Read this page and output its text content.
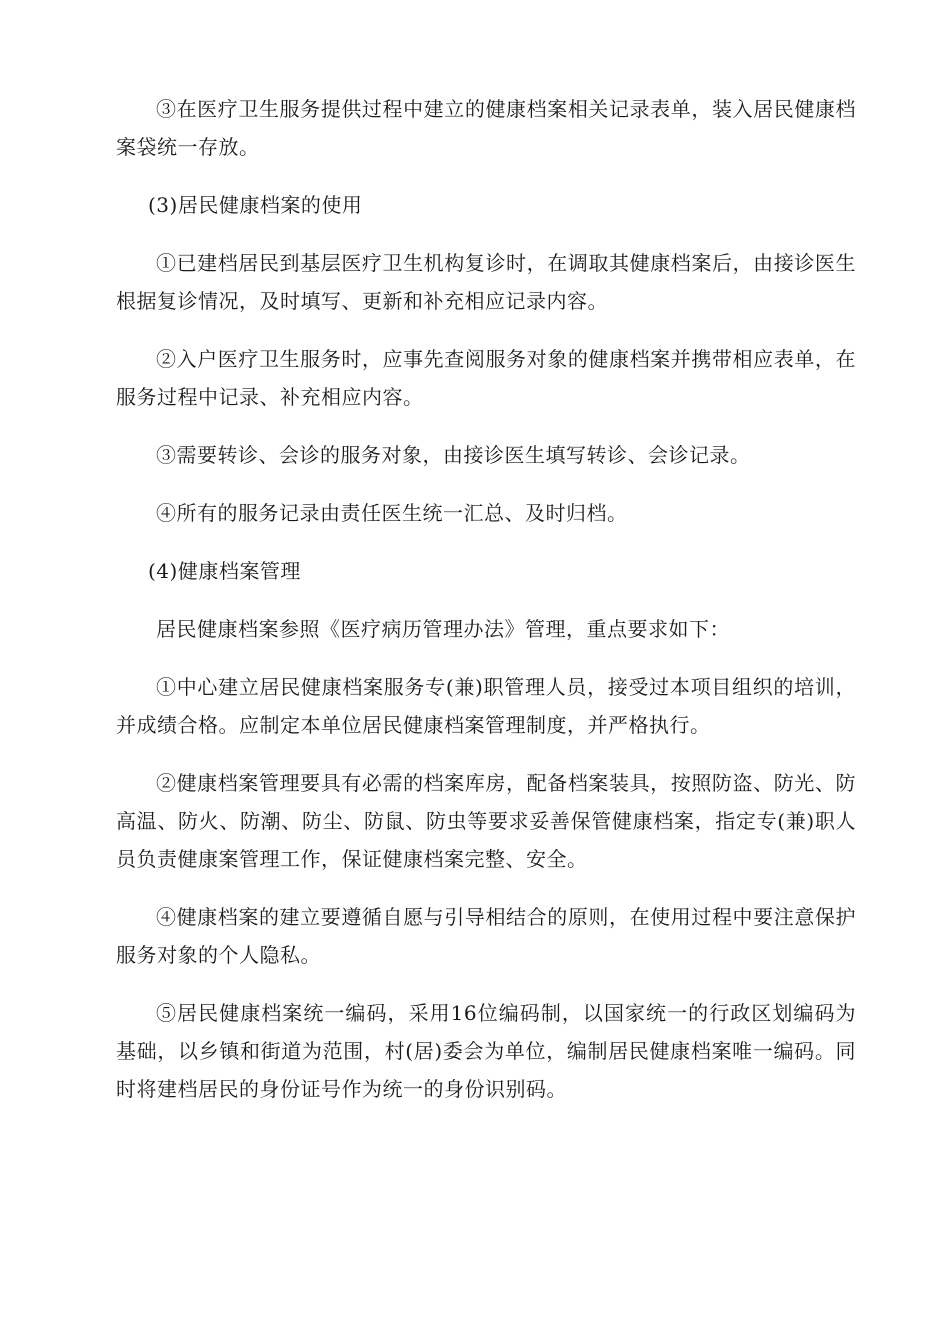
③在医疗卫生服务提供过程中建立的健康档案相关记录表单，装入居民健康档案袋统一存放。

(3)居民健康档案的使用

①已建档居民到基层医疗卫生机构复诊时，在调取其健康档案后，由接诊医生根据复诊情况，及时填写、更新和补充相应记录内容。

②入户医疗卫生服务时，应事先查阅服务对象的健康档案并携带相应表单，在服务过程中记录、补充相应内容。

③需要转诊、会诊的服务对象，由接诊医生填写转诊、会诊记录。

④所有的服务记录由责任医生统一汇总、及时归档。

(4)健康档案管理

居民健康档案参照《医疗病历管理办法》管理，重点要求如下：

①中心建立居民健康档案服务专(兼)职管理人员，接受过本项目组织的培训，并成绩合格。应制定本单位居民健康档案管理制度，并严格执行。

②健康档案管理要具有必需的档案库房，配备档案装具，按照防盗、防光、防高温、防火、防潮、防尘、防鼠、防虫等要求妥善保管健康档案，指定专(兼)职人员负责健康案管理工作，保证健康档案完整、安全。

④健康档案的建立要遵循自愿与引导相结合的原则，在使用过程中要注意保护服务对象的个人隐私。

⑤居民健康档案统一编码，采用16位编码制，以国家统一的行政区划编码为基础，以乡镇和街道为范围，村(居)委会为单位，编制居民健康档案唯一编码。同时将建档居民的身份证号作为统一的身份识别码。
